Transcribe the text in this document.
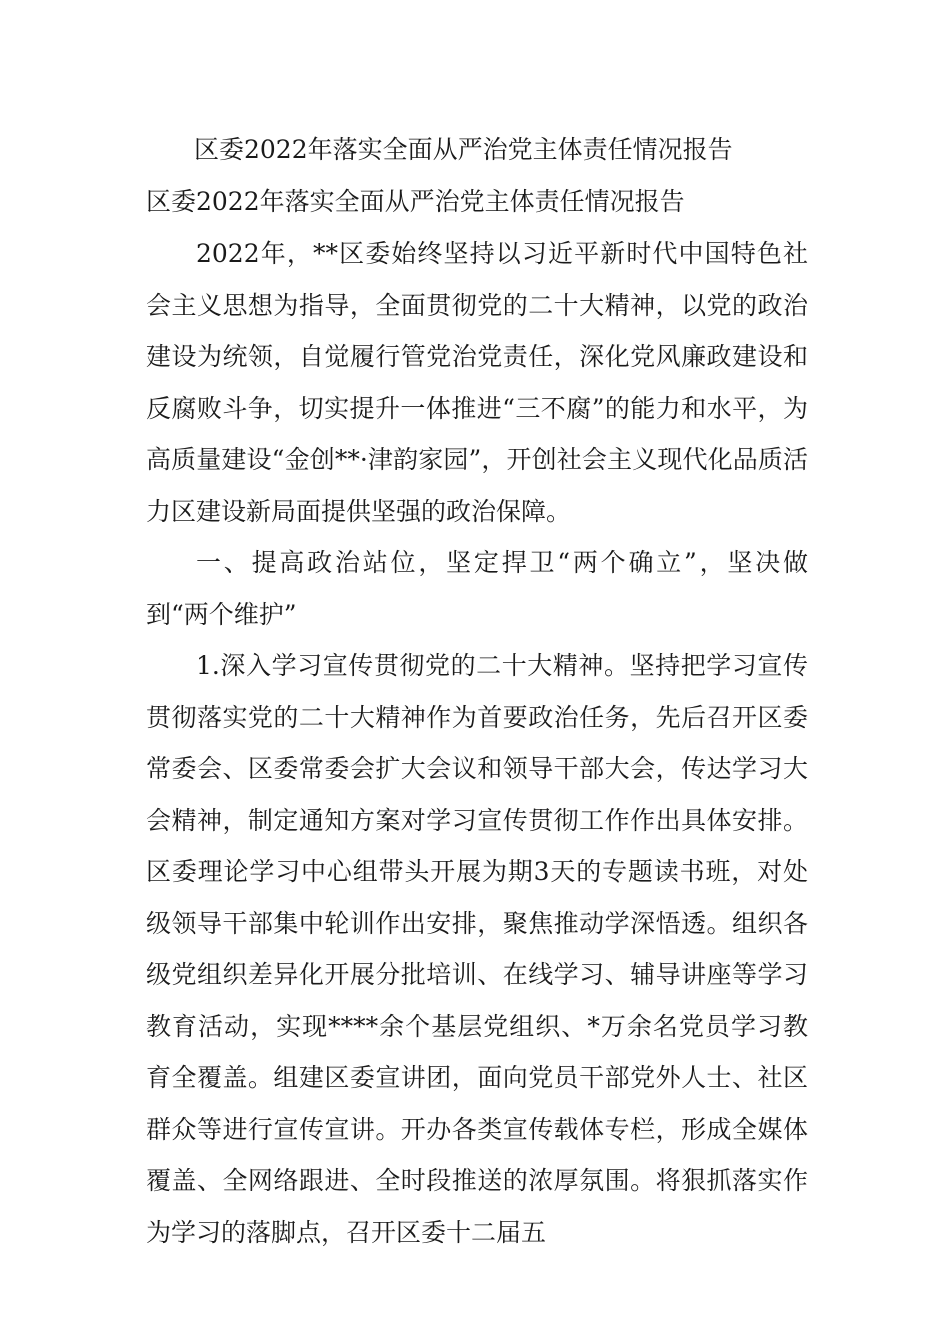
区委2022年落实全面从严治党主体责任情况报告

区委2022年落实全面从严治党主体责任情况报告

2022年，**区委始终坚持以习近平新时代中国特色社会主义思想为指导，全面贯彻党的二十大精神，以党的政治建设为统领，自觉履行管党治党责任，深化党风廉政建设和反腐败斗争，切实提升一体推进“三不腐”的能力和水平，为高质量建设“金创**·津韵家园”，开创社会主义现代化品质活力区建设新局面提供坚强的政治保障。

一、提高政治站位，坚定捍卫“两个确立”，坚决做到“两个维护”

1.深入学习宣传贯彻党的二十大精神。坚持把学习宣传贯彻落实党的二十大精神作为首要政治任务，先后召开区委常委会、区委常委会扩大会议和领导干部大会，传达学习大会精神，制定通知方案对学习宣传贯彻工作作出具体安排。区委理论学习中心组带头开展为期3天的专题读书班，对处级领导干部集中轮训作出安排，聚焦推动学深悟透。组织各级党组织差异化开展分批培训、在线学习、辅导讲座等学习教育活动，实现****余个基层党组织、*万余名党员学习教育全覆盖。组建区委宣讲团，面向党员干部党外人士、社区群众等进行宣传宣讲。开办各类宣传载体专栏，形成全媒体覆盖、全网络跟进、全时段推送的浓厚氛围。将狠抓落实作为学习的落脚点，召开区委十二届五
